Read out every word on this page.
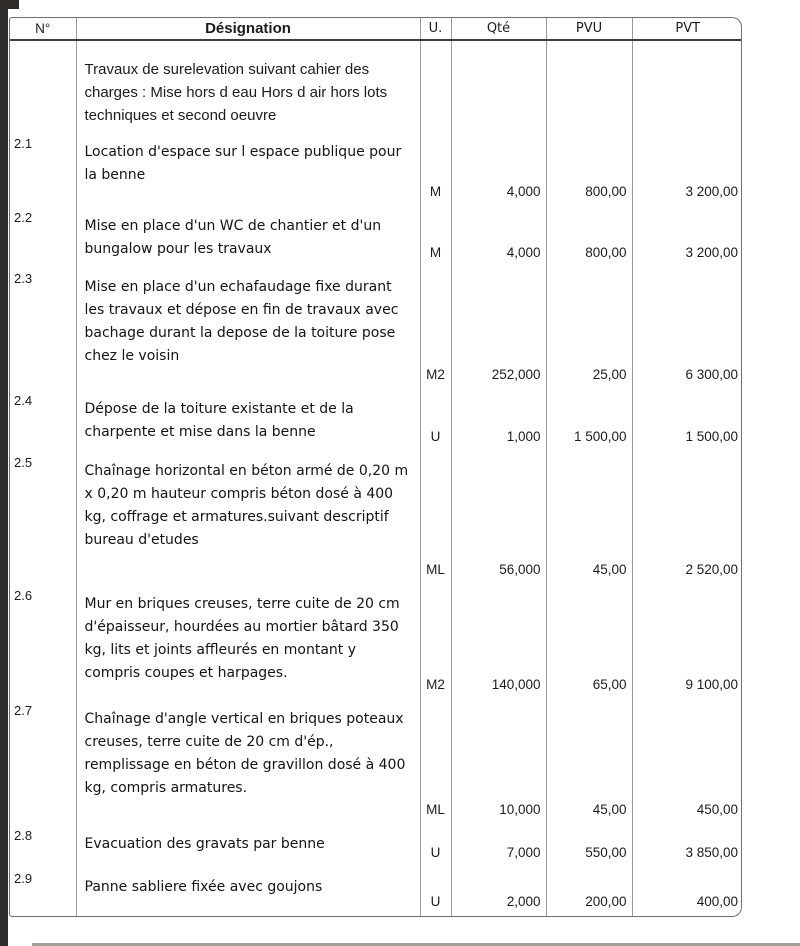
N°	Désignation	U.	Qté	PVU	PVT
	Travaux de surelevation suivant cahier des charges : Mise hors d eau Hors d air hors lots techniques et second oeuvre				
2.1	Location d'espace sur l espace publique pour la benne	M	4,000	800,00	3 200,00
2.2	Mise en place d'un WC de chantier et d'un bungalow pour les travaux	M	4,000	800,00	3 200,00
2.3	Mise en place d'un echafaudage fixe durant les travaux et dépose en fin de travaux avec bachage durant la depose de la toiture pose chez le voisin	M2	252,000	25,00	6 300,00
2.4	Dépose de la toiture existante et de la charpente et mise dans la benne	U	1,000	1 500,00	1 500,00
2.5	Chaînage horizontal en béton armé de 0,20 m x 0,20 m hauteur compris béton dosé à 400 kg, coffrage et armatures.suivant descriptif bureau d'etudes	ML	56,000	45,00	2 520,00
2.6	Mur en briques creuses, terre cuite de 20 cm d'épaisseur, hourdées au mortier bâtard 350 kg, lits et joints affleurés en montant y compris coupes et harpages.	M2	140,000	65,00	9 100,00
2.7	Chaînage d'angle vertical en briques poteaux creuses, terre cuite de 20 cm d'ép., remplissage en béton de gravillon dosé à 400 kg, compris armatures.	ML	10,000	45,00	450,00
2.8	Evacuation des gravats par benne	U	7,000	550,00	3 850,00
2.9	Panne sabliere fixée avec goujons	U	2,000	200,00	400,00
